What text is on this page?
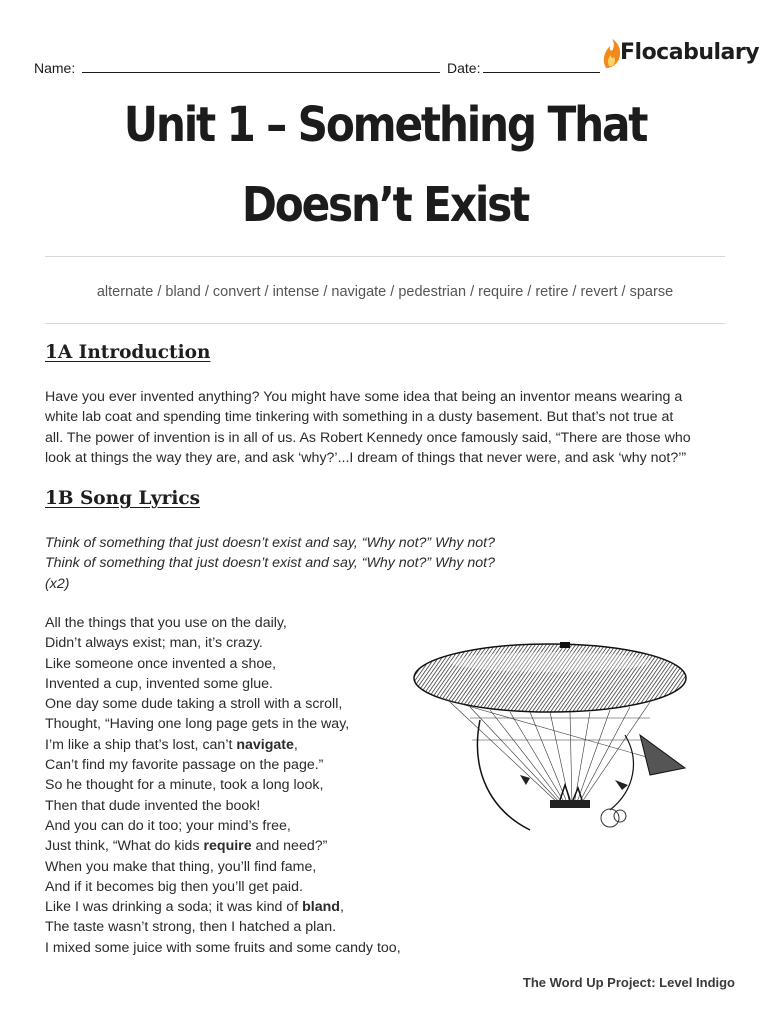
Name:	Date:
Flocabulary
Unit 1 – Something That
Doesn’t Exist
alternate / bland / convert / intense / navigate / pedestrian / require / retire / revert / sparse
1A Introduction
Have you ever invented anything? You might have some idea that being an inventor means wearing a
white lab coat and spending time tinkering with something in a dusty basement. But that’s not true at
all. The power of invention is in all of us. As Robert Kennedy once famously said, “There are those who
look at things the way they are, and ask ‘why?’...I dream of things that never were, and ask ‘why not?’”
1B Song Lyrics
Think of something that just doesn’t exist and say, “Why not?” Why not?
Think of something that just doesn’t exist and say, “Why not?” Why not?
(x2)
All the things that you use on the daily,
Didn’t always exist; man, it’s crazy.
Like someone once invented a shoe,
Invented a cup, invented some glue.
One day some dude taking a stroll with a scroll,
Thought, “Having one long page gets in the way,
I’m like a ship that’s lost, can’t navigate,
Can’t find my favorite passage on the page.”
So he thought for a minute, took a long look,
Then that dude invented the book!
And you can do it too; your mind’s free,
Just think, “What do kids require and need?”
When you make that thing, you’ll find fame,
And if it becomes big then you’ll get paid.
Like I was drinking a soda; it was kind of bland,
The taste wasn’t strong, then I hatched a plan.
I mixed some juice with some fruits and some candy too,
The Word Up Project: Level Indigo
